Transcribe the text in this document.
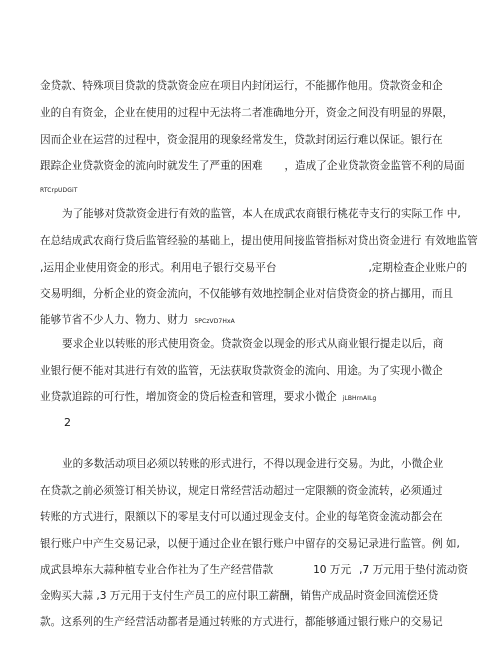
金贷款、特殊项目贷款的贷款资金应在项目内封闭运行，不能挪作他用。贷款资金和企
业的自有资金，企业在使用的过程中无法将二者准确地分开，资金之间没有明显的界限，
因而企业在运营的过程中，资金混用的现象经常发生，贷款封闭运行难以保证。银行在
跟踪企业贷款资金的流向时就发生了严重的困难 ，造成了企业贷款资金监管不利的局面
RTCrpUDGiT
为了能够对贷款资金进行有效的监管，本人在成武农商银行桃花寺支行的实际工作 中,
在总结成武农商行贷后监管经验的基础上，提出使用间接监管指标对贷出资金进行 有效地监管
,运用企业使用资金的形式。利用电子银行交易平台	,定期检查企业账户的
交易明细，分析企业的资金流向，不仅能够有效地控制企业对信贷资金的挤占挪用，而且
能够节省不少人力、物力、财力 5PCzVD7HxA
要求企业以转账的形式使用资金。贷款资金以现金的形式从商业银行提走以后，商
业银行便不能对其进行有效的监管，无法获取贷款资金的流向、用途。为了实现小微企
业贷款追踪的可行性，增加资金的贷后检查和管理，要求小微企 jLBHrnAILg
2
业的多数活动项目必须以转账的形式进行，不得以现金进行交易。为此，小微企业
在贷款之前必须签订相关协议，规定日常经营活动超过一定限额的资金流转，必须通过
转账的方式进行，限额以下的零星支付可以通过现金支付。企业的每笔资金流动都会在
银行账户中产生交易记录，以便于通过企业在银行账户中留存的交易记录进行监管。例 如,
成武县埠东大蒜种植专业合作社为了生产经营借款	10 万元 ,7 万元用于垫付流动资
金购买大蒜 ,3 万元用于支付生产员工的应付职工薪酬，销售产成品时资金回流偿还贷
款。这系列的生产经营活动都者是通过转账的方式进行，都能够通过银行账户的交易记
